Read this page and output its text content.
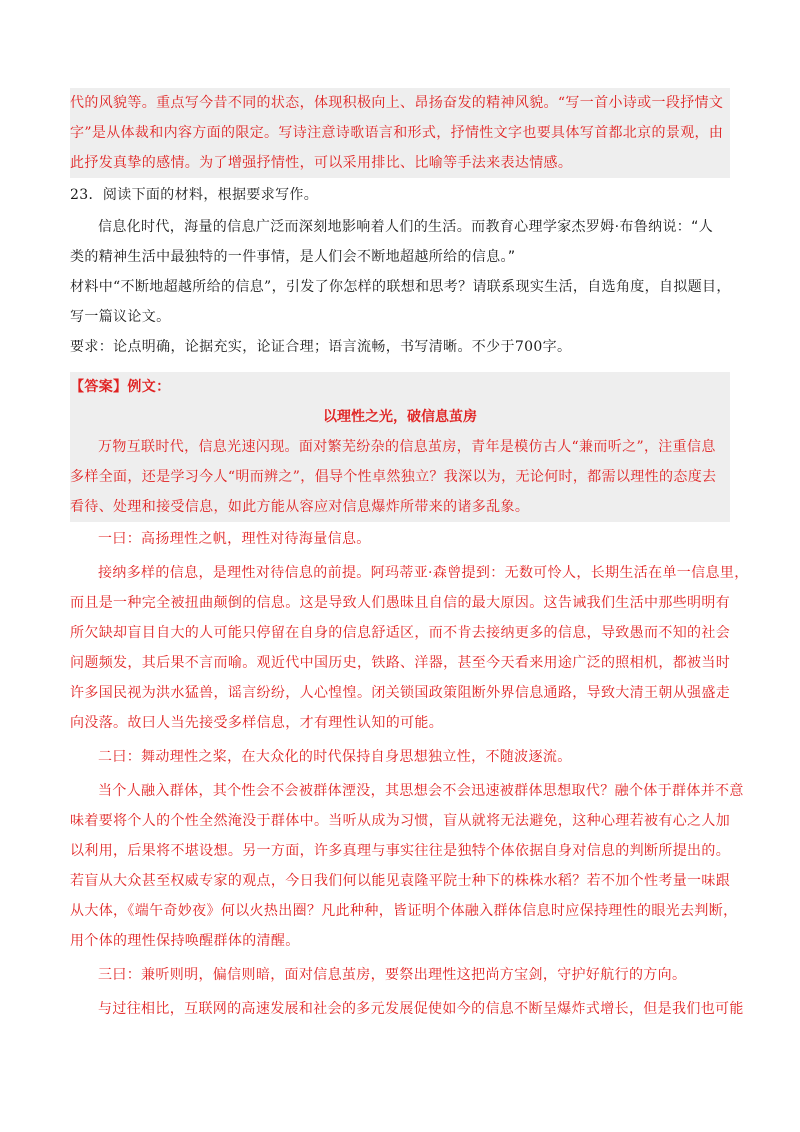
代的风貌等。重点写今昔不同的状态，体现积极向上、昂扬奋发的精神风貌。“写一首小诗或一段抒情文

字”是从体裁和内容方面的限定。写诗注意诗歌语言和形式，抒情性文字也要具体写首都北京的景观，由

此抒发真挚的感情。为了增强抒情性，可以采用排比、比喻等手法来表达情感。

23．阅读下面的材料，根据要求写作。

信息化时代，海量的信息广泛而深刻地影响着人们的生活。而教育心理学家杰罗姆·布鲁纳说：“人

类的精神生活中最独特的一件事情，是人们会不断地超越所给的信息。”

材料中“不断地超越所给的信息”，引发了你怎样的联想和思考？请联系现实生活，自选角度，自拟题目，

写一篇议论文。

要求：论点明确，论据充实，论证合理；语言流畅，书写清晰。不少于700字。

【答案】例文：

以理性之光，破信息茧房

万物互联时代，信息光速闪现。面对繁芜纷杂的信息茧房，青年是模仿古人“兼而听之”，注重信息

多样全面，还是学习今人“明而辨之”，倡导个性卓然独立？我深以为，无论何时，都需以理性的态度去

看待、处理和接受信息，如此方能从容应对信息爆炸所带来的诸多乱象。

一曰：高扬理性之帆，理性对待海量信息。

接纳多样的信息，是理性对待信息的前提。阿玛蒂亚·森曾提到：无数可怜人，长期生活在单一信息里，

而且是一种完全被扭曲颠倒的信息。这是导致人们愚昧且自信的最大原因。这告诫我们生活中那些明明有

所欠缺却盲目自大的人可能只停留在自身的信息舒适区，而不肯去接纳更多的信息，导致愚而不知的社会

问题频发，其后果不言而喻。观近代中国历史，铁路、洋器，甚至今天看来用途广泛的照相机，都被当时

许多国民视为洪水猛兽，谣言纷纷，人心惶惶。闭关锁国政策阻断外界信息通路，导致大清王朝从强盛走

向没落。故曰人当先接受多样信息，才有理性认知的可能。

二曰：舞动理性之桨，在大众化的时代保持自身思想独立性，不随波逐流。

当个人融入群体，其个性会不会被群体湮没，其思想会不会迅速被群体思想取代？融个体于群体并不意

味着要将个人的个性全然淹没于群体中。当听从成为习惯，盲从就将无法避免，这种心理若被有心之人加

以利用，后果将不堪设想。另一方面，许多真理与事实往往是独特个体依据自身对信息的判断所提出的。

若盲从大众甚至权威专家的观点，今日我们何以能见袁隆平院士种下的株株水稻？若不加个性考量一味跟

从大体，《端午奇妙夜》何以火热出圈？凡此种种，皆证明个体融入群体信息时应保持理性的眼光去判断，

用个体的理性保持唤醒群体的清醒。

三曰：兼听则明，偏信则暗，面对信息茧房，要祭出理性这把尚方宝剑，守护好航行的方向。

与过往相比，互联网的高速发展和社会的多元发展促使如今的信息不断呈爆炸式增长，但是我们也可能
